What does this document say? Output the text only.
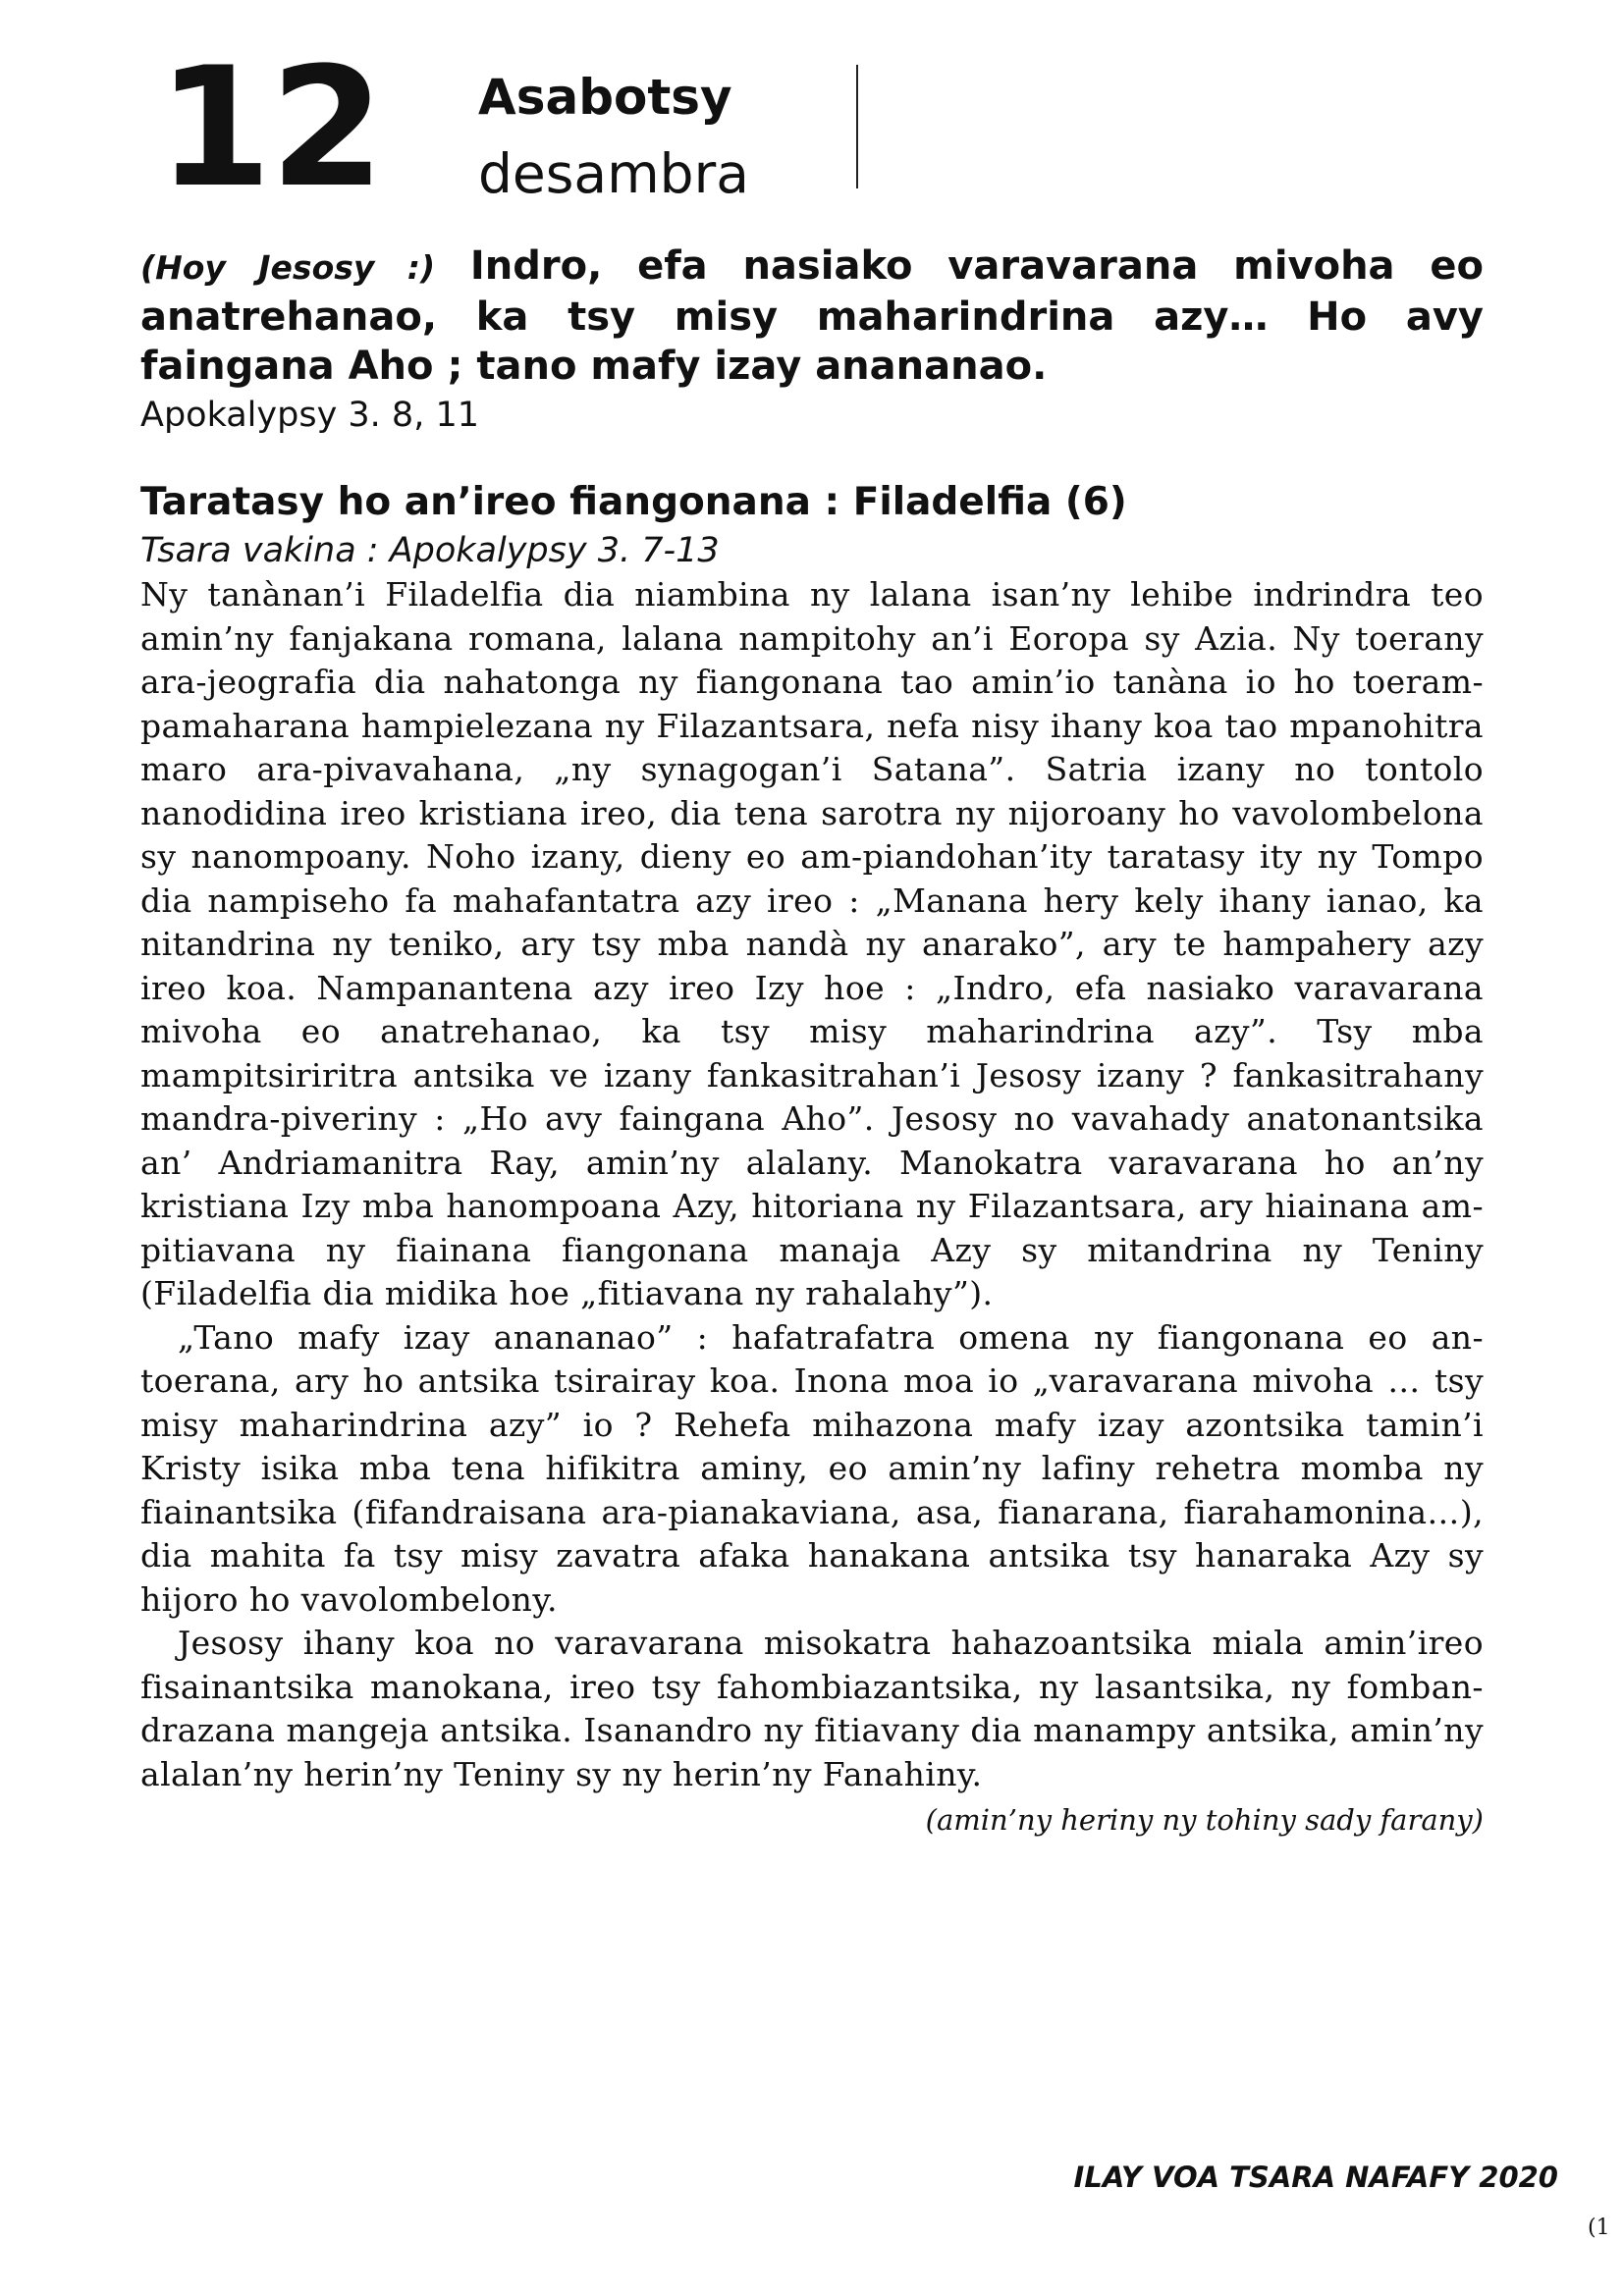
12 Asabotsy
desambra

(Hoy Jesosy :) Indro, efa nasiako varavarana mivoha eo anatrehanao, ka tsy misy maharindrina azy… Ho avy faingana Aho ; tano mafy izay anananao.

Apokalypsy 3. 8, 11

Taratasy ho an’ireo fiangonana : Filadelfia (6)

Tsara vakina : Apokalypsy 3. 7-13

Ny tanànan’i Filadelfia dia niambina ny lalana isan’ny lehibe indrindra teo amin’ny fanjakana romana, lalana nampitohy an’i Eoropa sy Azia. Ny toerany ara-jeografia dia nahatonga ny fiangonana tao amin’io tanàna io ho toeram-pamaharana hampielezana ny Filazantsara, nefa nisy ihany koa tao mpanohitra maro ara-pivavahana, „ny synagogan’i Satana”. Satria izany no tontolo nanodidina ireo kristiana ireo, dia tena sarotra ny nijoroany ho vavolombelona sy nanompoany. Noho izany, dieny eo am-piandohan’ity taratasy ity ny Tompo dia nampiseho fa mahafantatra azy ireo : „Manana hery kely ihany ianao, ka nitandrina ny teniko, ary tsy mba nandà ny anarako”, ary te hampahery azy ireo koa. Nampanantena azy ireo Izy hoe : „Indro, efa nasiako varavarana mivoha eo anatrehanao, ka tsy misy maharindrina azy”. Tsy mba mampitsiriritra antsika ve izany fankasitrahan’i Jesosy izany ? fankasitrahany mandra-piveriny : „Ho avy faingana Aho”. Jesosy no vavahady anatonantsika an’ Andriamanitra Ray, amin’ny alalany. Manokatra varavarana ho an’ny kristiana Izy mba hanompoana Azy, hitoriana ny Filazantsara, ary hiainana am-pitiavana ny fiainana fiangonana manaja Azy sy mitandrina ny Teniny (Filadelfia dia midika hoe „fitiavana ny rahalahy”).

„Tano mafy izay anananao” : hafatrafatra omena ny fiangonana eo an-toerana, ary ho antsika tsirairay koa. Inona moa io „varavarana mivoha … tsy misy maharindrina azy” io ? Rehefa mihazona mafy izay azontsika tamin’i Kristy isika mba tena hifikitra aminy, eo amin’ny lafiny rehetra momba ny fiainantsika (fifandraisana ara-pianakaviana, asa, fianarana, fiarahamonina…), dia mahita fa tsy misy zavatra afaka hanakana antsika tsy hanaraka Azy sy hijoro ho vavolombelony.

Jesosy ihany koa no varavarana misokatra hahazoantsika miala amin’ireo fisainantsika manokana, ireo tsy fahombiazantsika, ny lasantsika, ny fomban-drazana mangeja antsika. Isanandro ny fitiavany dia manampy antsika, amin’ny alalan’ny herin’ny Teniny sy ny herin’ny Fanahiny.

(amin’ny heriny ny tohiny sady farany)

ILAY VOA TSARA NAFAFY 2020
(1
